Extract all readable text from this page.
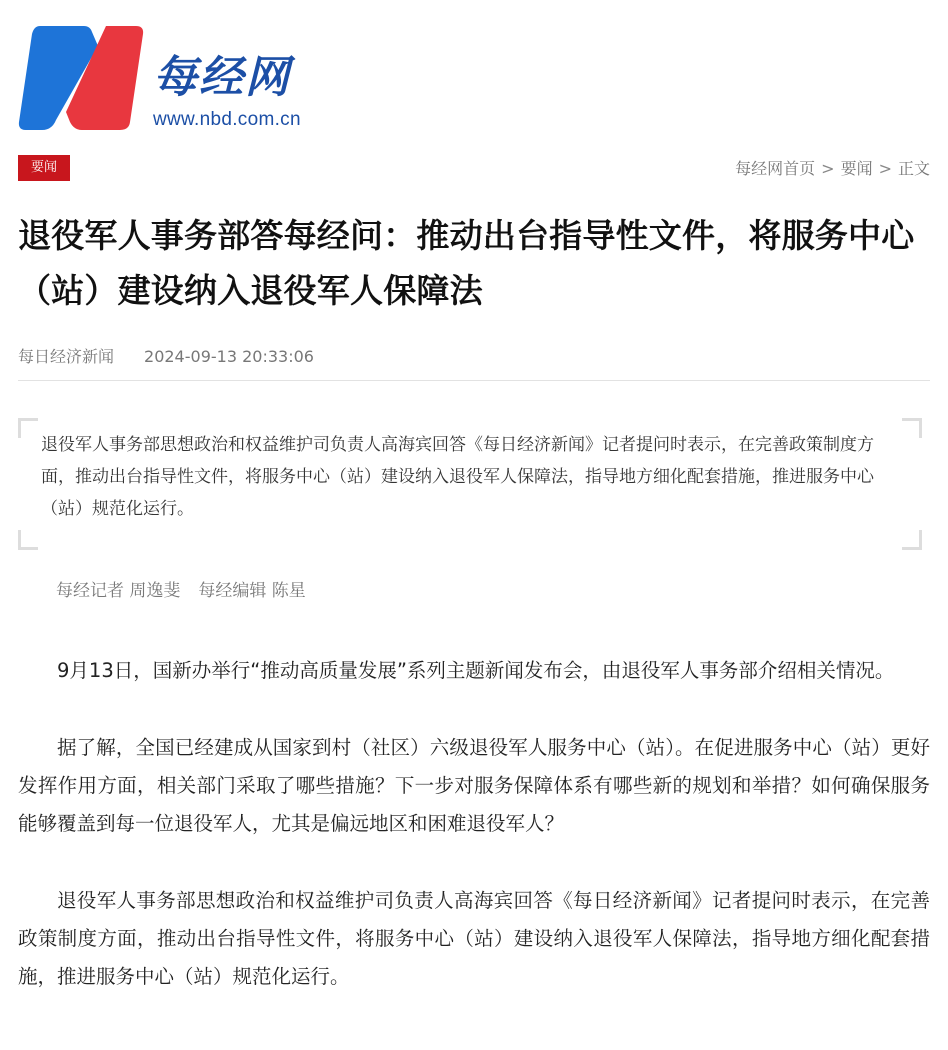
每经网
www.nbd.com.cn
要闻	每经网首页 > 要闻 > 正文
退役军人事务部答每经问：推动出台指导性文件，将服务中心（站）建设纳入退役军人保障法
每日经济新闻 2024-09-13 20:33:06
退役军人事务部思想政治和权益维护司负责人高海宾回答《每日经济新闻》记者提问时表示，在完善政策制度方面，推动出台指导性文件，将服务中心（站）建设纳入退役军人保障法，指导地方细化配套措施，推进服务中心（站）规范化运行。
每经记者 周逸斐 每经编辑 陈星

9月13日，国新办举行“推动高质量发展”系列主题新闻发布会，由退役军人事务部介绍相关情况。

据了解，全国已经建成从国家到村（社区）六级退役军人服务中心（站）。在促进服务中心（站）更好发挥作用方面，相关部门采取了哪些措施？下一步对服务保障体系有哪些新的规划和举措？如何确保服务能够覆盖到每一位退役军人，尤其是偏远地区和困难退役军人？

退役军人事务部思想政治和权益维护司负责人高海宾回答《每日经济新闻》记者提问时表示，在完善政策制度方面，推动出台指导性文件，将服务中心（站）建设纳入退役军人保障法，指导地方细化配套措施，推进服务中心（站）规范化运行。
